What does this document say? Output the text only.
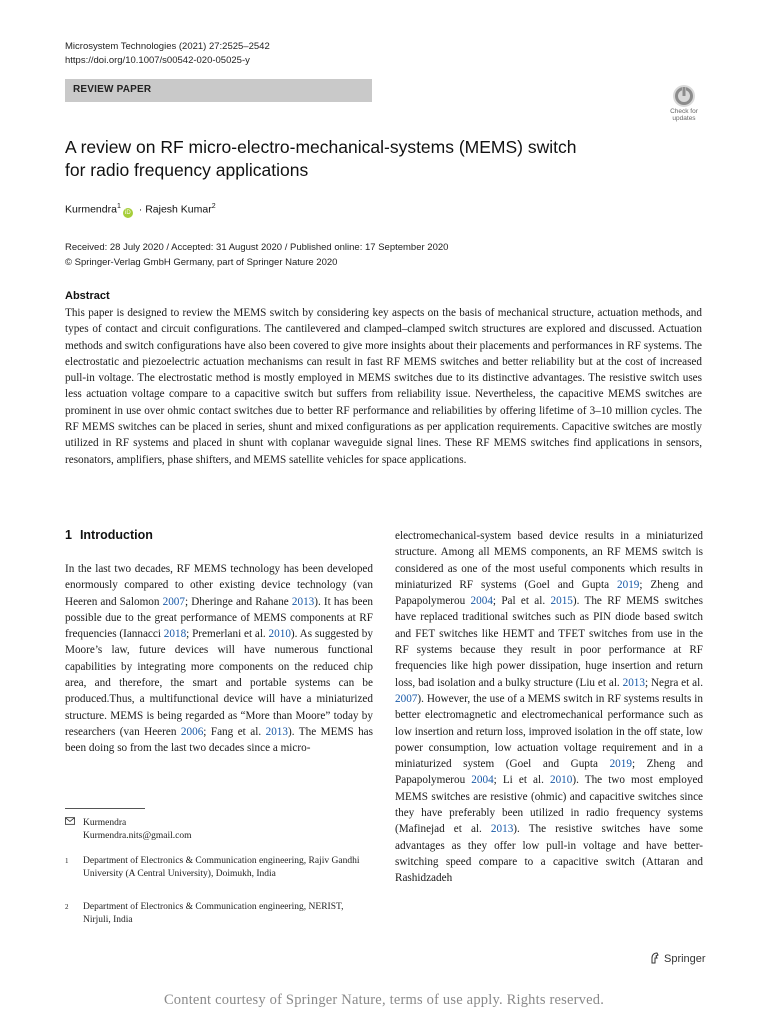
Microsystem Technologies (2021) 27:2525–2542
https://doi.org/10.1007/s00542-020-05025-y
REVIEW PAPER
Check for
updates
A review on RF micro-electro-mechanical-systems (MEMS) switch
for radio frequency applications
Kurmendra$^1$iD · Rajesh Kumar$^2$
Received: 28 July 2020 / Accepted: 31 August 2020 / Published online: 17 September 2020
© Springer-Verlag GmbH Germany, part of Springer Nature 2020
Abstract

This paper is designed to review the MEMS switch by considering key aspects on the basis of mechanical structure, actuation methods, and types of contact and circuit configurations. The cantilevered and clamped–clamped switch structures are explored and discussed. Actuation methods and switch configurations have also been covered to give more insights about their placements and performances in RF systems. The electrostatic and piezoelectric actuation mechanisms can result in fast RF MEMS switches and better reliability but at the cost of increased pull-in voltage. The electrostatic method is mostly employed in MEMS switches due to its distinctive advantages. The resistive switch uses less actuation voltage compare to a capacitive switch but suffers from reliability issue. Nevertheless, the capacitive MEMS switches are prominent in use over ohmic contact switches due to better RF performance and reliabilities by offering lifetime of 3–10 million cycles. The RF MEMS switches can be placed in series, shunt and mixed configurations as per application requirements. Capacitive switches are mostly utilized in RF systems and placed in shunt with coplanar waveguide signal lines. These RF MEMS switches find applications in sensors, resonators, amplifiers, phase shifters, and MEMS satellite vehicles for space applications.

1 Introduction

In the last two decades, RF MEMS technology has been developed enormously compared to other existing device technology (van Heeren and Salomon 2007; Dheringe and Rahane 2013). It has been possible due to the great performance of MEMS components at RF frequencies (Iannacci 2018; Premerlani et al. 2010). As suggested by Moore’s law, future devices will have numerous functional capabilities by integrating more components on the reduced chip area, and therefore, the smart and portable systems can be produced.Thus, a multifunctional device will have a miniaturized structure. MEMS is being regarded as “More than Moore” today by researchers (van Heeren 2006; Fang et al. 2013). The MEMS has been doing so from the last two decades since a micro-

electromechanical-system based device results in a miniaturized structure. Among all MEMS components, an RF MEMS switch is considered as one of the most useful components which results in miniaturized RF systems (Goel and Gupta 2019; Zheng and Papapolymerou 2004; Pal et al. 2015). The RF MEMS switches have replaced traditional switches such as PIN diode based switch and FET switches like HEMT and TFET switches from use in the RF systems because they result in poor performance at RF frequencies like high power dissipation, huge insertion and return loss, bad isolation and a bulky structure (Liu et al. 2013; Negra et al. 2007). However, the use of a MEMS switch in RF systems results in better electromagnetic and electromechanical performance such as low insertion and return loss, improved isolation in the off state, low power consumption, low actuation voltage requirement and in a miniaturized system (Goel and Gupta 2019; Zheng and Papapolymerou 2004; Li et al. 2010). The two most employed MEMS switches are resistive (ohmic) and capacitive switches since they have preferably been utilized in radio frequency systems (Mafinejad et al. 2013). The resistive switches have some advantages as they offer low pull-in voltage and have better-switching speed compare to a capacitive switch (Attaran and Rashidzadeh

Kurmendra
Kurmendra.nits@gmail.com
1 Department of Electronics & Communication engineering, Rajiv Gandhi University (A Central University), Doimukh, India
2 Department of Electronics & Communication engineering, NERIST, Nirjuli, India
Springer
Content courtesy of Springer Nature, terms of use apply. Rights reserved.
